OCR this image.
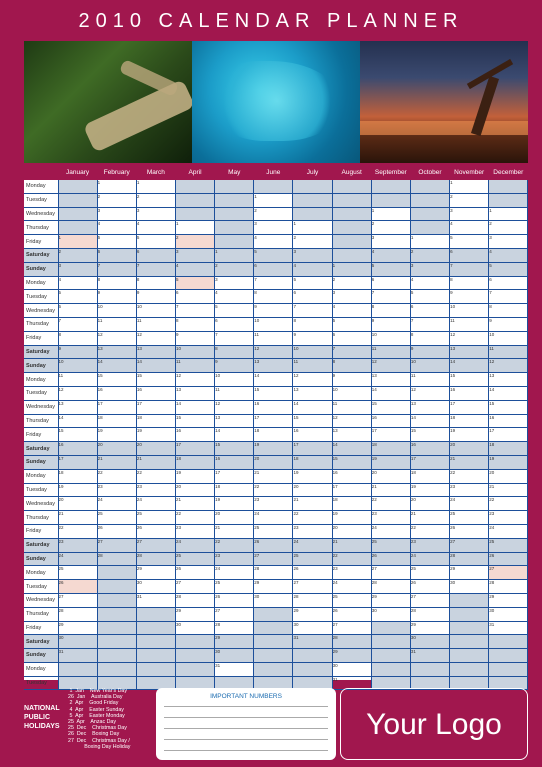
2010 CALENDAR PLANNER
	January	February	March	April	May	June	July	August	September	October	November	December
Monday		1	1								1	
Tuesday		2	2			1					2	
Wednesday		3	3			2			1		3	1
Thursday		4	4	1		3	1		2		4	2
Friday	1	5	5	2		4	2		3	1	5	3
Saturday	2	6	6	3	1	5	3		4	2	6	4
Sunday	3	7	7	4	2	6	4	1	5	3	7	5
Monday	4	8	8	5	3	7	5	2	6	4	8	6
Tuesday	5	9	9	6	4	8	6	3	7	5	9	7
Wednesday	6	10	10	7	5	9	7	4	8	6	10	8
Thursday	7	11	11	8	6	10	8	5	9	7	11	9
Friday	8	12	12	9	7	11	9	6	10	8	12	10
Saturday	9	13	13	10	8	12	10	7	11	9	13	11
Sunday	10	14	14	11	9	13	11	8	12	10	14	12
Monday	11	15	15	12	10	14	12	9	13	11	15	13
Tuesday	12	16	16	13	11	15	13	10	14	12	16	14
Wednesday	13	17	17	14	12	16	14	11	15	13	17	15
Thursday	14	18	18	15	13	17	15	12	16	14	18	16
Friday	15	19	19	16	14	18	16	13	17	15	19	17
Saturday	16	20	20	17	15	19	17	14	18	16	20	18
Sunday	17	21	21	18	16	20	18	15	19	17	21	19
Monday	18	22	22	19	17	21	19	16	20	18	22	20
Tuesday	19	23	23	20	18	22	20	17	21	19	23	21
Wednesday	20	24	24	21	19	23	21	18	22	20	24	22
Thursday	21	25	25	22	20	24	22	19	23	21	25	23
Friday	22	26	26	23	21	25	23	20	24	22	26	24
Saturday	23	27	27	24	22	26	24	21	25	23	27	25
Sunday	24	28	28	25	23	27	25	22	26	24	28	26
Monday	25		29	26	24	28	26	23	27	25	29	27
Tuesday	26		30	27	25	29	27	24	28	26	30	28
Wednesday	27		31	28	26	30	28	25	29	27		29
Thursday	28			29	27		29	26	30	28		30
Friday	29			30	28		30	27		29		31
Saturday	30				29		31	28		30		
Sunday	31				30			29		31		
Monday					31			30				
Tuesday								31				
NATIONAL
PUBLIC
HOLIDAYS
1  Jan    New Year's Day
26  Jan    Australia Day
2  Apr    Good Friday
4  Apr    Easter Sunday
5  Apr    Easter Monday
25  Apr    Anzac Day
25  Dec    Christmas Day
26  Dec    Boxing Day
27  Dec    Christmas Day /
Boxing Day Holiday
IMPORTANT NUMBERS
Your Logo
